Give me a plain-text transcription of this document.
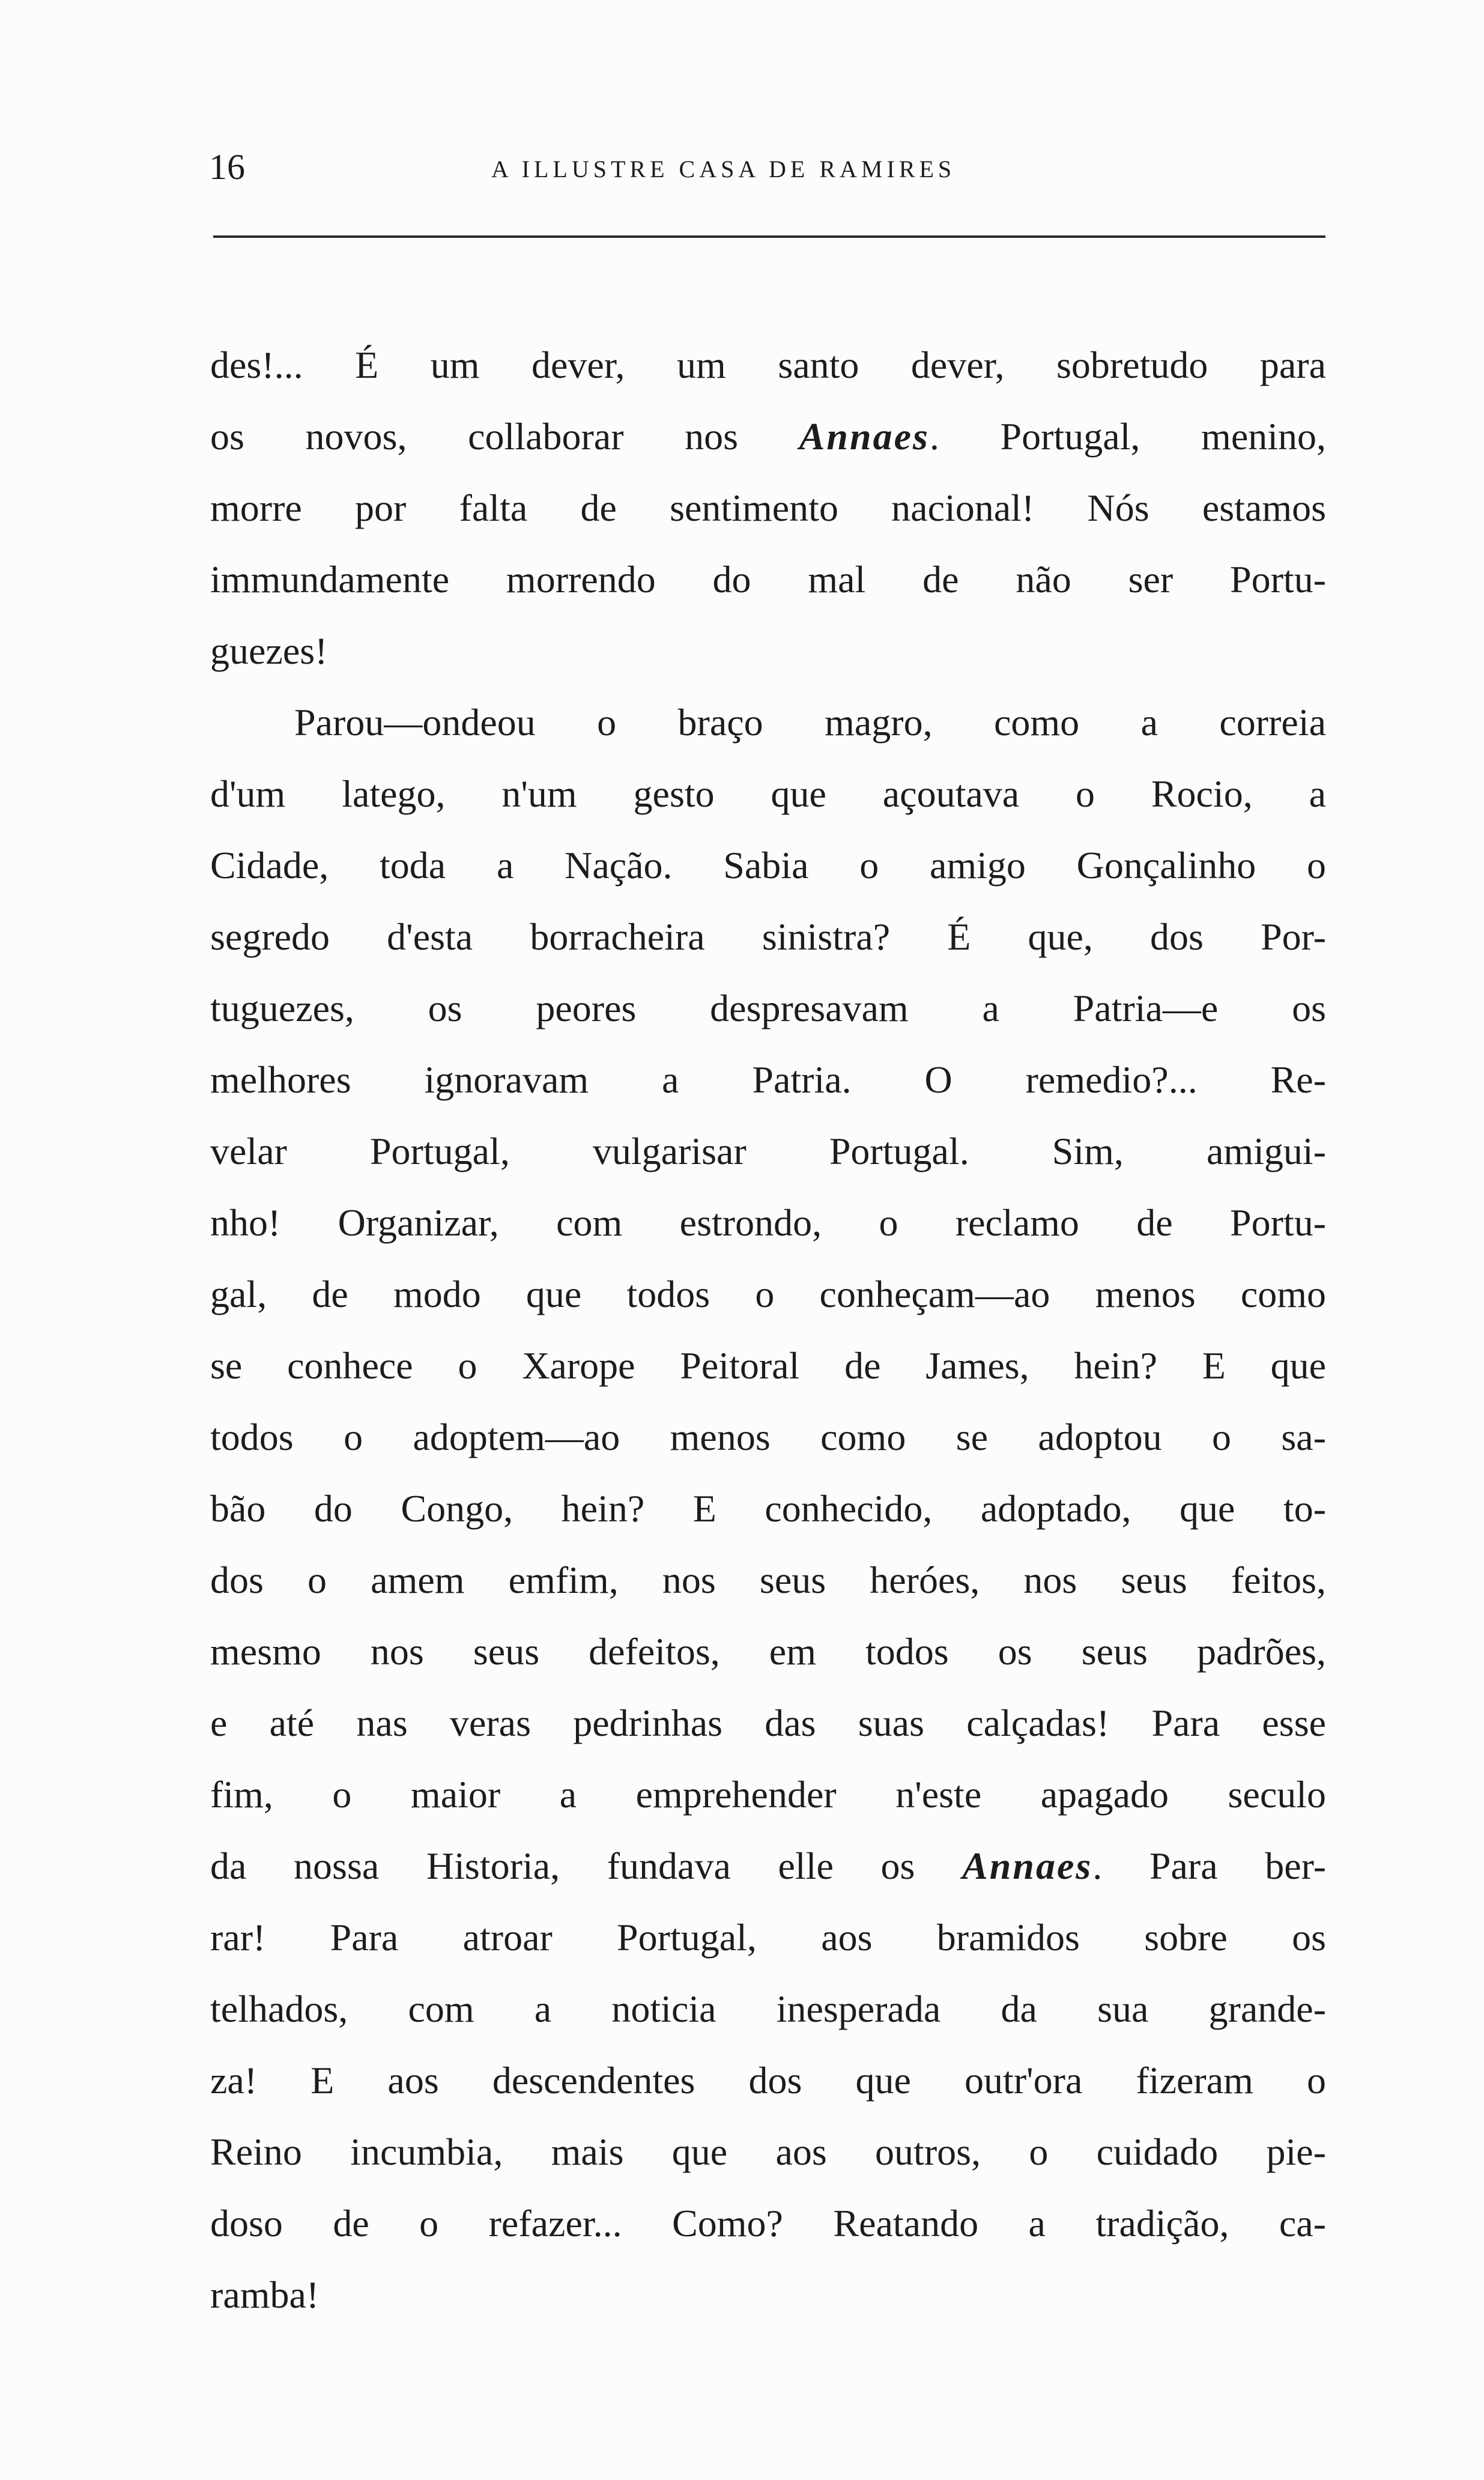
16	A ILLUSTRE CASA DE RAMIRES
des!... É um dever, um santo dever, sobretudo para
os novos, collaborar nos Annaes. Portugal, menino,
morre por falta de sentimento nacional! Nós estamos
immundamente morrendo do mal de não ser Portu-
guezes!
Parou—ondeou o braço magro, como a correia
d'um latego, n'um gesto que açoutava o Rocio, a
Cidade, toda a Nação. Sabia o amigo Gonçalinho o
segredo d'esta borracheira sinistra? É que, dos Por-
tuguezes, os peores despresavam a Patria—e os
melhores ignoravam a Patria. O remedio?... Re-
velar Portugal, vulgarisar Portugal. Sim, amigui-
nho! Organizar, com estrondo, o reclamo de Portu-
gal, de modo que todos o conheçam—ao menos como
se conhece o Xarope Peitoral de James, hein? E que
todos o adoptem—ao menos como se adoptou o sa-
bão do Congo, hein? E conhecido, adoptado, que to-
dos o amem emfim, nos seus heróes, nos seus feitos,
mesmo nos seus defeitos, em todos os seus padrões,
e até nas veras pedrinhas das suas calçadas! Para esse
fim, o maior a emprehender n'este apagado seculo
da nossa Historia, fundava elle os Annaes. Para ber-
rar! Para atroar Portugal, aos bramidos sobre os
telhados, com a noticia inesperada da sua grande-
za! E aos descendentes dos que outr'ora fizeram o
Reino incumbia, mais que aos outros, o cuidado pie-
doso de o refazer... Como? Reatando a tradição, ca-
ramba!
